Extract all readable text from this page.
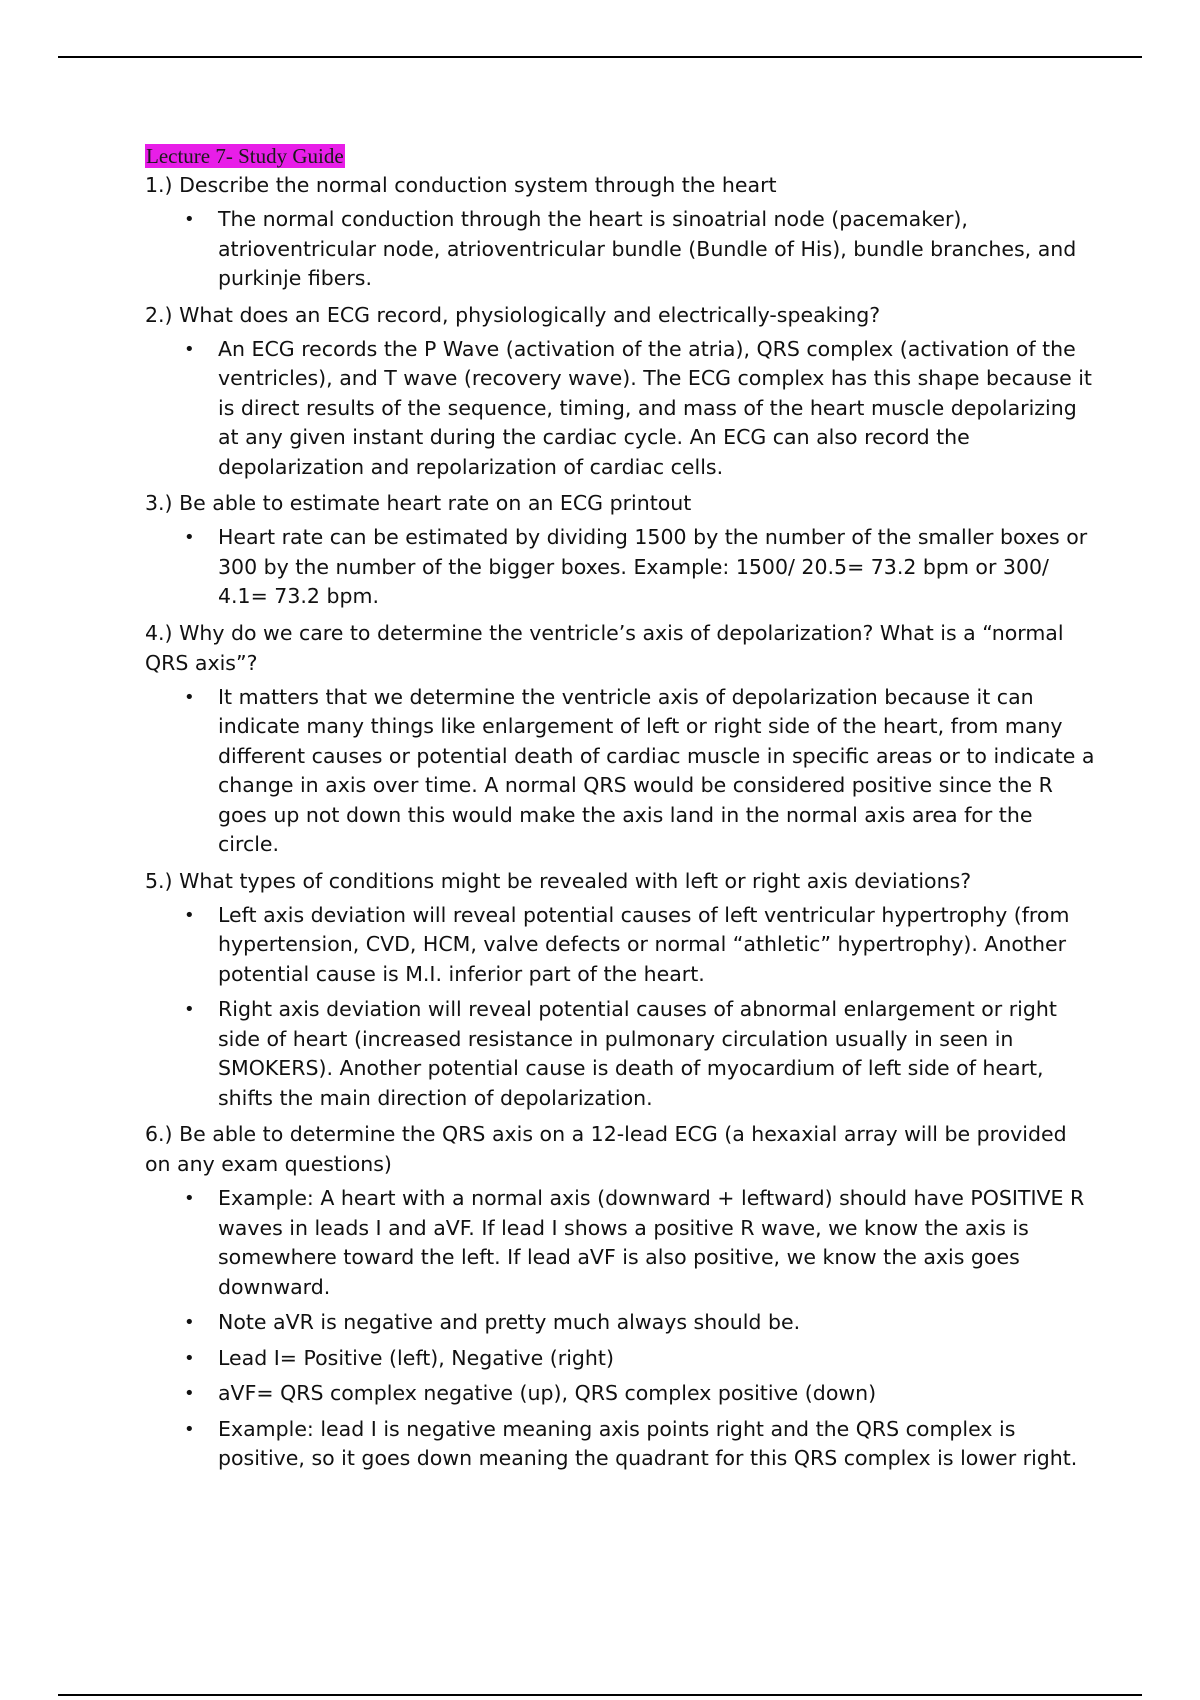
Lecture 7- Study Guide
1.) Describe the normal conduction system through the heart
• The normal conduction through the heart is sinoatrial node (pacemaker), atrioventricular node, atrioventricular bundle (Bundle of His), bundle branches, and purkinje fibers.
2.) What does an ECG record, physiologically and electrically-speaking?
• An ECG records the P Wave (activation of the atria), QRS complex (activation of the ventricles), and T wave (recovery wave). The ECG complex has this shape because it is direct results of the sequence, timing, and mass of the heart muscle depolarizing at any given instant during the cardiac cycle. An ECG can also record the depolarization and repolarization of cardiac cells.
3.) Be able to estimate heart rate on an ECG printout
• Heart rate can be estimated by dividing 1500 by the number of the smaller boxes or 300 by the number of the bigger boxes. Example: 1500/ 20.5= 73.2 bpm or 300/ 4.1= 73.2 bpm.
4.) Why do we care to determine the ventricle’s axis of depolarization? What is a “normal QRS axis”?
• It matters that we determine the ventricle axis of depolarization because it can indicate many things like enlargement of left or right side of the heart, from many different causes or potential death of cardiac muscle in specific areas or to indicate a change in axis over time. A normal QRS would be considered positive since the R goes up not down this would make the axis land in the normal axis area for the circle.
5.) What types of conditions might be revealed with left or right axis deviations?
• Left axis deviation will reveal potential causes of left ventricular hypertrophy (from hypertension, CVD, HCM, valve defects or normal “athletic” hypertrophy). Another potential cause is M.I. inferior part of the heart.
• Right axis deviation will reveal potential causes of abnormal enlargement or right side of heart (increased resistance in pulmonary circulation usually in seen in SMOKERS). Another potential cause is death of myocardium of left side of heart, shifts the main direction of depolarization.
6.) Be able to determine the QRS axis on a 12-lead ECG (a hexaxial array will be provided on any exam questions)
• Example: A heart with a normal axis (downward + leftward) should have POSITIVE R waves in leads I and aVF. If lead I shows a positive R wave, we know the axis is somewhere toward the left. If lead aVF is also positive, we know the axis goes downward.
• Note aVR is negative and pretty much always should be.
• Lead I= Positive (left), Negative (right)
• aVF= QRS complex negative (up), QRS complex positive (down)
• Example: lead I is negative meaning axis points right and the QRS complex is positive, so it goes down meaning the quadrant for this QRS complex is lower right.
